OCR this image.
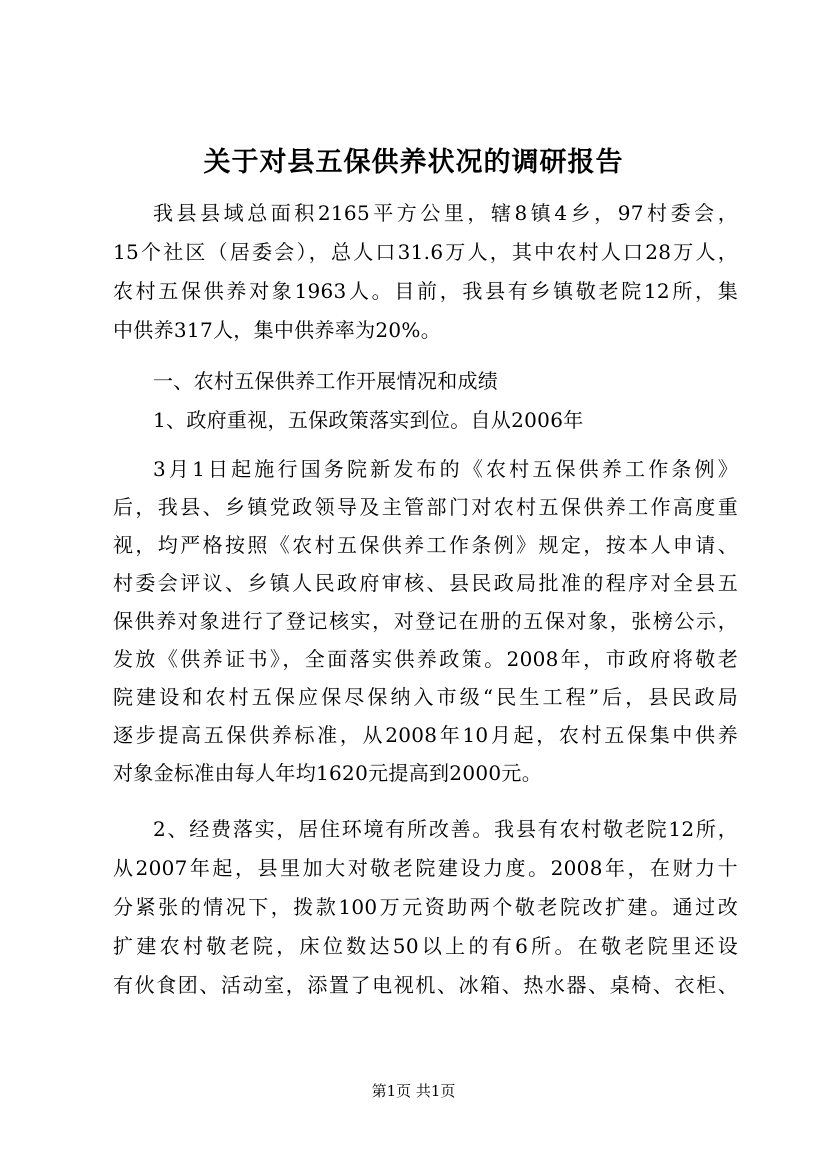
关于对县五保供养状况的调研报告
我县县域总面积2165平方公里，辖8镇4乡，97村委会，
15个社区（居委会），总人口31.6万人，其中农村人口28万人，
农村五保供养对象1963人。目前，我县有乡镇敬老院12所，集
中供养317人，集中供养率为20%。
一、农村五保供养工作开展情况和成绩
1、政府重视，五保政策落实到位。自从2006年
3月1日起施行国务院新发布的《农村五保供养工作条例》
后，我县、乡镇党政领导及主管部门对农村五保供养工作高度重
视，均严格按照《农村五保供养工作条例》规定，按本人申请、
村委会评议、乡镇人民政府审核、县民政局批准的程序对全县五
保供养对象进行了登记核实，对登记在册的五保对象，张榜公示，
发放《供养证书》，全面落实供养政策。2008年，市政府将敬老
院建设和农村五保应保尽保纳入市级“民生工程”后，县民政局
逐步提高五保供养标准，从2008年10月起，农村五保集中供养
对象金标准由每人年均1620元提高到2000元。
2、经费落实，居住环境有所改善。我县有农村敬老院12所，
从2007年起，县里加大对敬老院建设力度。2008年，在财力十
分紧张的情况下，拨款100万元资助两个敬老院改扩建。通过改
扩建农村敬老院，床位数达50以上的有6所。在敬老院里还设
有伙食团、活动室，添置了电视机、冰箱、热水器、桌椅、衣柜、
第1页 共1页
